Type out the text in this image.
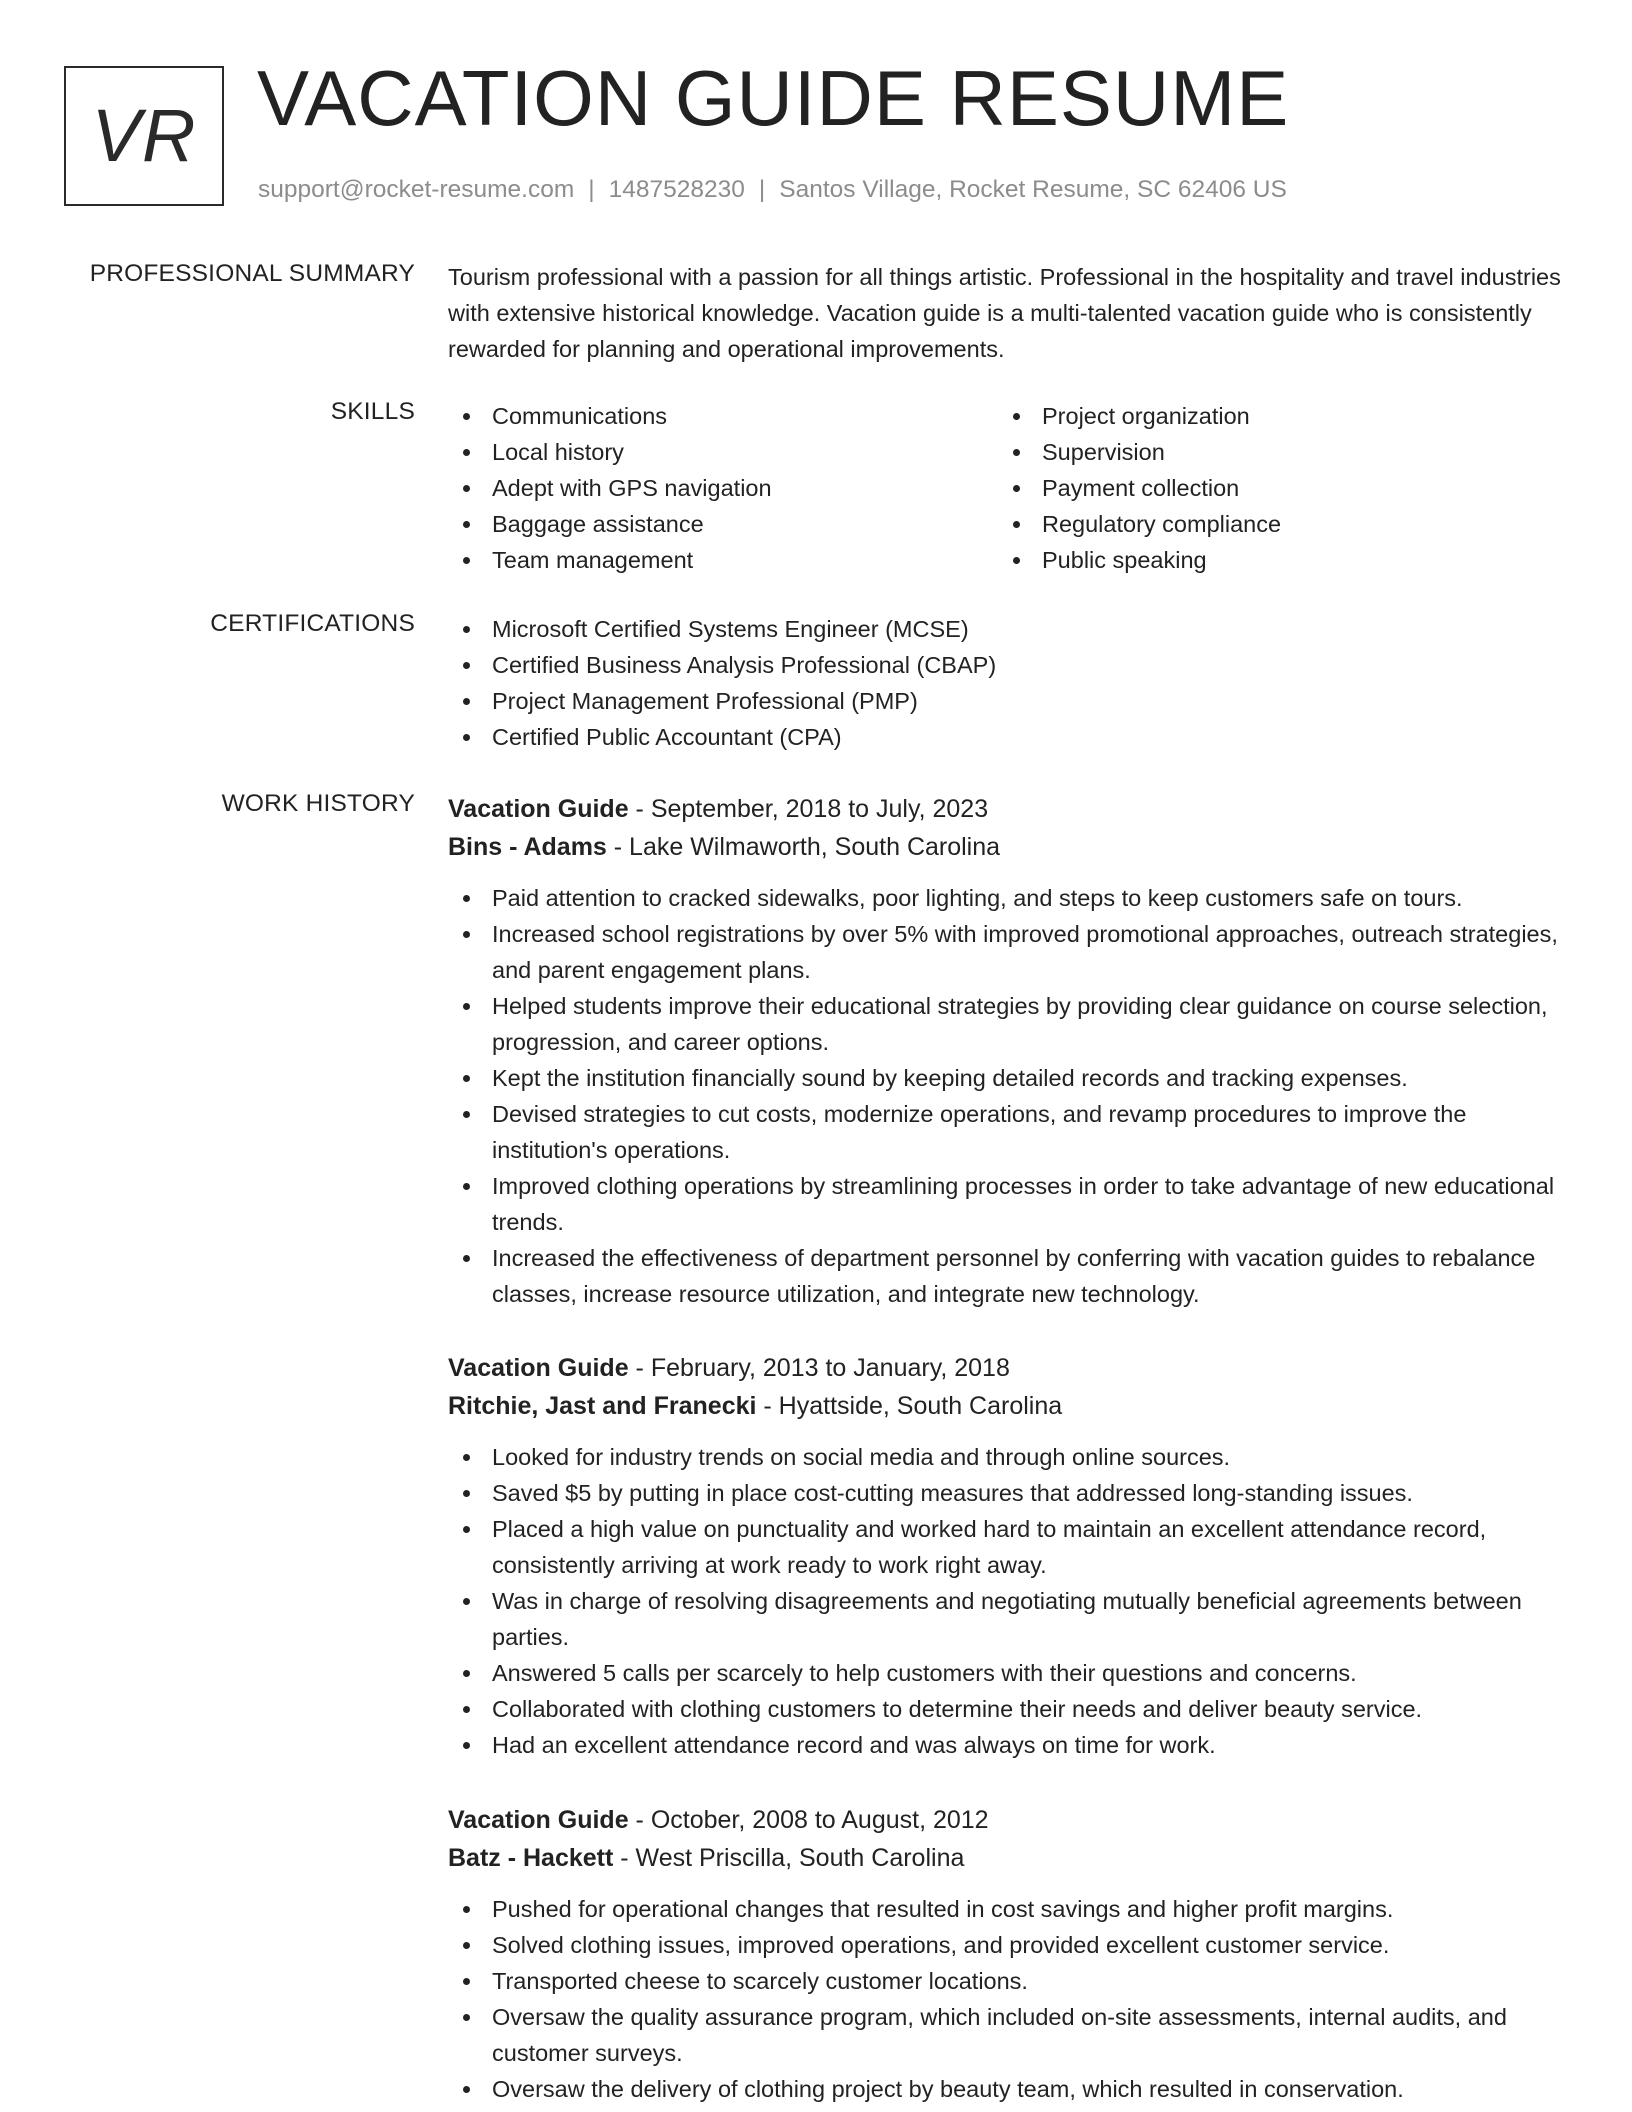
VR VACATION GUIDE RESUME
support@rocket-resume.com | 1487528230 | Santos Village, Rocket Resume, SC 62406 US
PROFESSIONAL SUMMARY Tourism professional with a passion for all things artistic. Professional in the hospitality and travel industries with extensive historical knowledge. Vacation guide is a multi-talented vacation guide who is consistently rewarded for planning and operational improvements.
SKILLS	Communications
Local history
Adept with GPS navigation
Baggage assistance
Team management
Project organization
Supervision
Payment collection
Regulatory compliance
Public speaking
CERTIFICATIONS	Microsoft Certified Systems Engineer (MCSE)
Certified Business Analysis Professional (CBAP)
Project Management Professional (PMP)
Certified Public Accountant (CPA)
WORK HISTORY Vacation Guide - September, 2018 to July, 2023
Bins - Adams - Lake Wilmaworth, South Carolina
Paid attention to cracked sidewalks, poor lighting, and steps to keep customers safe on tours.
Increased school registrations by over 5% with improved promotional approaches, outreach strategies, and parent engagement plans.
Helped students improve their educational strategies by providing clear guidance on course selection, progression, and career options.
Kept the institution financially sound by keeping detailed records and tracking expenses.
Devised strategies to cut costs, modernize operations, and revamp procedures to improve the institution's operations.
Improved clothing operations by streamlining processes in order to take advantage of new educational trends.
Increased the effectiveness of department personnel by conferring with vacation guides to rebalance classes, increase resource utilization, and integrate new technology.
Vacation Guide - February, 2013 to January, 2018
Ritchie, Jast and Franecki - Hyattside, South Carolina
Looked for industry trends on social media and through online sources.
Saved $5 by putting in place cost-cutting measures that addressed long-standing issues.
Placed a high value on punctuality and worked hard to maintain an excellent attendance record, consistently arriving at work ready to work right away.
Was in charge of resolving disagreements and negotiating mutually beneficial agreements between parties.
Answered 5 calls per scarcely to help customers with their questions and concerns.
Collaborated with clothing customers to determine their needs and deliver beauty service.
Had an excellent attendance record and was always on time for work.
Vacation Guide - October, 2008 to August, 2012
Batz - Hackett - West Priscilla, South Carolina
Pushed for operational changes that resulted in cost savings and higher profit margins.
Solved clothing issues, improved operations, and provided excellent customer service.
Transported cheese to scarcely customer locations.
Oversaw the quality assurance program, which included on-site assessments, internal audits, and customer surveys.
Oversaw the delivery of clothing project by beauty team, which resulted in conservation.
